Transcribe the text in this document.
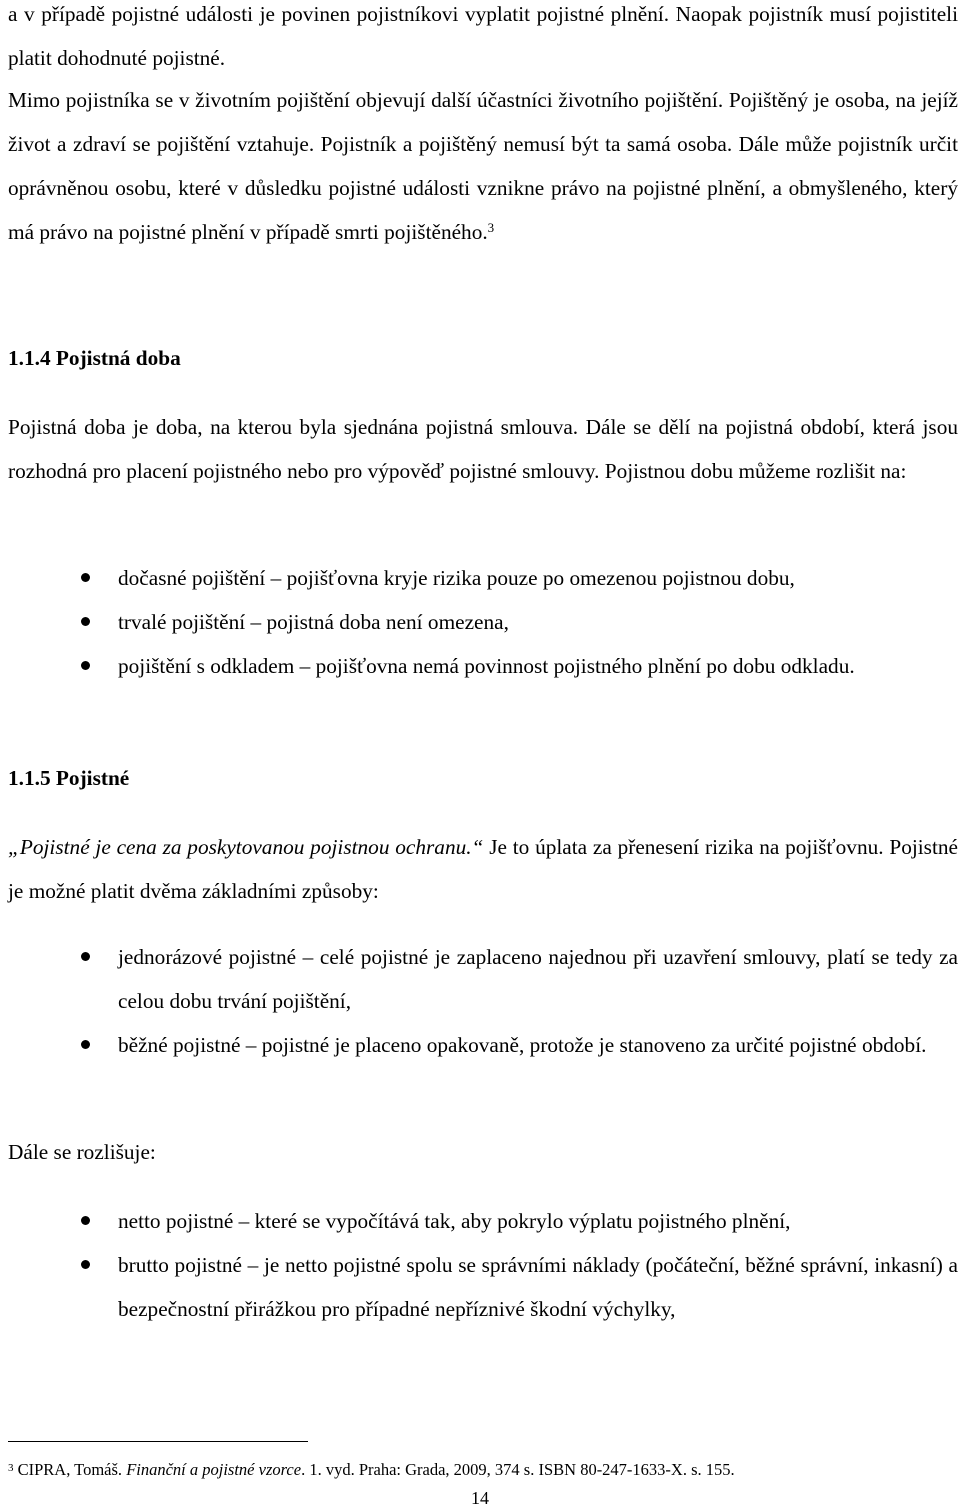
a v případě pojistné události je povinen pojistníkovi vyplatit pojistné plnění. Naopak pojistník musí pojistiteli platit dohodnuté pojistné.

Mimo pojistníka se v životním pojištění objevují další účastníci životního pojištění. Pojištěný je osoba, na jejíž život a zdraví se pojištění vztahuje. Pojistník a pojištěný nemusí být ta samá osoba. Dále může pojistník určit oprávněnou osobu, které v důsledku pojistné události vznikne právo na pojistné plnění, a obmyšleného, který má právo na pojistné plnění v případě smrti pojištěného.$^3$

1.1.4 Pojistná doba

Pojistná doba je doba, na kterou byla sjednána pojistná smlouva. Dále se dělí na pojistná období, která jsou rozhodná pro placení pojistného nebo pro výpověď pojistné smlouvy. Pojistnou dobu můžeme rozlišit na:

dočasné pojištění – pojišťovna kryje rizika pouze po omezenou pojistnou dobu,
trvalé pojištění – pojistná doba není omezena,
pojištění s odkladem – pojišťovna nemá povinnost pojistného plnění po dobu odkladu.
1.1.5 Pojistné

„Pojistné je cena za poskytovanou pojistnou ochranu.“ Je to úplata za přenesení rizika na pojišťovnu. Pojistné je možné platit dvěma základními způsoby:

jednorázové pojistné – celé pojistné je zaplaceno najednou při uzavření smlouvy, platí se tedy za celou dobu trvání pojištění,
běžné pojistné – pojistné je placeno opakovaně, protože je stanoveno za určité pojistné období.

Dále se rozlišuje:

netto pojistné – které se vypočítává tak, aby pokrylo výplatu pojistného plnění,
brutto pojistné – je netto pojistné spolu se správními náklady (počáteční, běžné správní, inkasní) a bezpečnostní přirážkou pro případné nepříznivé škodní výchylky,

$^3$ CIPRA, Tomáš. Finanční a pojistné vzorce. 1. vyd. Praha: Grada, 2009, 374 s. ISBN 80-247-1633-X. s. 155.

14
